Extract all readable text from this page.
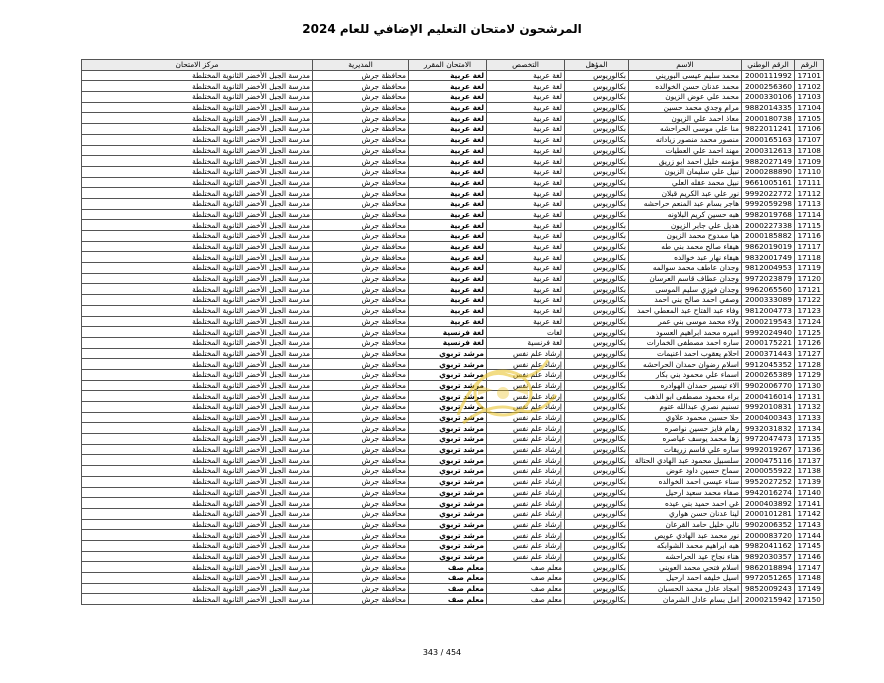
المرشحون لامتحان التعليم الإضافي للعام 2024
الرقم	الرقم الوطني	الاسم	المؤهل	التخصص	الامتحان المقرر	المديرية	مركز الامتحان
17101	2000111992	محمد سليم عيسى البوريني	بكالوريوس	لغة عربية	لغة عربية	محافظة جرش	مدرسة الجبل الأخضر الثانوية المختلطة
17102	2000256360	محمد عدنان حسن الخوالده	بكالوريوس	لغة عربية	لغة عربية	محافظة جرش	مدرسة الجبل الأخضر الثانوية المختلطة
17103	2000330106	محمد علي عوض الزيون	بكالوريوس	لغة عربية	لغة عربية	محافظة جرش	مدرسة الجبل الأخضر الثانوية المختلطة
17104	9882014335	مرام وجدي محمد حسين	بكالوريوس	لغة عربية	لغة عربية	محافظة جرش	مدرسة الجبل الأخضر الثانوية المختلطة
17105	2000180738	معاذ احمد علي الزيون	بكالوريوس	لغة عربية	لغة عربية	محافظة جرش	مدرسة الجبل الأخضر الثانوية المختلطة
17106	9822011241	منا علي موسى الحراحشه	بكالوريوس	لغة عربية	لغة عربية	محافظة جرش	مدرسة الجبل الأخضر الثانوية المختلطة
17107	2000165163	منصور محمد منصور زياداته	بكالوريوس	لغة عربية	لغة عربية	محافظة جرش	مدرسة الجبل الأخضر الثانوية المختلطة
17108	2000312613	مهند احمد علي العطيات	بكالوريوس	لغة عربية	لغة عربية	محافظة جرش	مدرسة الجبل الأخضر الثانوية المختلطة
17109	9882027149	مؤمنه خليل احمد ابو زريق	بكالوريوس	لغة عربية	لغة عربية	محافظة جرش	مدرسة الجبل الأخضر الثانوية المختلطة
17110	2000288890	نبيل علي سليمان الزيون	بكالوريوس	لغة عربية	لغة عربية	محافظة جرش	مدرسة الجبل الأخضر الثانوية المختلطة
17111	9661005161	نبيل محمد عقله العلي	بكالوريوس	لغة عربية	لغة عربية	محافظة جرش	مدرسة الجبل الأخضر الثانوية المختلطة
17112	9992022772	نور علي عبد الكريم قبلان	بكالوريوس	لغة عربية	لغة عربية	محافظة جرش	مدرسة الجبل الأخضر الثانوية المختلطة
17113	9992059298	هاجر بسام عبد المنعم حراحشه	بكالوريوس	لغة عربية	لغة عربية	محافظة جرش	مدرسة الجبل الأخضر الثانوية المختلطة
17114	9982019768	هبه حسين كريم البلاونه	بكالوريوس	لغة عربية	لغة عربية	محافظة جرش	مدرسة الجبل الأخضر الثانوية المختلطة
17115	2000227338	هديل علي جابر الزيون	بكالوريوس	لغة عربية	لغة عربية	محافظة جرش	مدرسة الجبل الأخضر الثانوية المختلطة
17116	2000185882	هيا ممدوح محمد الزيون	بكالوريوس	لغة عربية	لغة عربية	محافظة جرش	مدرسة الجبل الأخضر الثانوية المختلطة
17117	9862019019	هيفاء صالح محمد بني طه	بكالوريوس	لغة عربية	لغة عربية	محافظة جرش	مدرسة الجبل الأخضر الثانوية المختلطة
17118	9832001749	هيفاء نهار عبد خوالده	بكالوريوس	لغة عربية	لغة عربية	محافظة جرش	مدرسة الجبل الأخضر الثانوية المختلطة
17119	9812004953	وجدان عاطف محمد سوالمه	بكالوريوس	لغة عربية	لغة عربية	محافظة جرش	مدرسة الجبل الأخضر الثانوية المختلطة
17120	9972023879	وجدان عطاف قاسم العرسان	بكالوريوس	لغة عربية	لغة عربية	محافظة جرش	مدرسة الجبل الأخضر الثانوية المختلطة
17121	9962065560	وجدان فوزي سليم الموسى	بكالوريوس	لغة عربية	لغة عربية	محافظة جرش	مدرسة الجبل الأخضر الثانوية المختلطة
17122	2000333089	وصفي احمد صالح بني احمد	بكالوريوس	لغة عربية	لغة عربية	محافظة جرش	مدرسة الجبل الأخضر الثانوية المختلطة
17123	9812004773	وفاء عبد الفتاح عبد المعطي احمد	بكالوريوس	لغة عربية	لغة عربية	محافظة جرش	مدرسة الجبل الأخضر الثانوية المختلطة
17124	2000219543	ولاء محمد موسى بني عمر	بكالوريوس	لغة عربية	لغة عربية	محافظة جرش	مدرسة الجبل الأخضر الثانوية المختلطة
17125	9992024940	اميره محمد ابراهيم العسود	بكالوريوس	لغات	لغة فرنسية	محافظة جرش	مدرسة الجبل الأخضر الثانوية المختلطة
17126	2000175221	ساره احمد مصطفى الخمارات	بكالوريوس	لغة فرنسية	لغة فرنسية	محافظة جرش	مدرسة الجبل الأخضر الثانوية المختلطة
17127	2000371443	احلام يعقوب احمد اعنيمات	بكالوريوس	إرشاد علم نفس	مرشد تربوي	محافظة جرش	مدرسة الجبل الأخضر الثانوية المختلطة
17128	9912045352	اسلام رضوان حمدان الحراحشه	بكالوريوس	إرشاد علم نفس	مرشد تربوي	محافظة جرش	مدرسة الجبل الأخضر الثانوية المختلطة
17129	2000265389	اسماء علي محمود بني بكار	بكالوريوس	إرشاد علم نفس	مرشد تربوي	محافظة جرش	مدرسة الجبل الأخضر الثانوية المختلطة
17130	9902006770	الاء تيسير حمدان الهوادره	بكالوريوس	إرشاد علم نفس	مرشد تربوي	محافظة جرش	مدرسة الجبل الأخضر الثانوية المختلطة
17131	2000416014	براء محمود مصطفى ابو الذهب	بكالوريوس	إرشاد علم نفس	مرشد تربوي	محافظة جرش	مدرسة الجبل الأخضر الثانوية المختلطة
17132	9992010831	تسنيم نصري عبدالله عتوم	بكالوريوس	إرشاد علم نفس	مرشد تربوي	محافظة جرش	مدرسة الجبل الأخضر الثانوية المختلطة
17133	2000400343	حلا حسين محمود علاوي	بكالوريوس	إرشاد علم نفس	مرشد تربوي	محافظة جرش	مدرسة الجبل الأخضر الثانوية المختلطة
17134	9932031832	رهام فايز حسين نواصره	بكالوريوس	إرشاد علم نفس	مرشد تربوي	محافظة جرش	مدرسة الجبل الأخضر الثانوية المختلطة
17135	9972047473	زها محمد يوسف عياصره	بكالوريوس	إرشاد علم نفس	مرشد تربوي	محافظة جرش	مدرسة الجبل الأخضر الثانوية المختلطة
17136	9992019267	ساره علي قاسم زريقات	بكالوريوس	إرشاد علم نفس	مرشد تربوي	محافظة جرش	مدرسة الجبل الأخضر الثانوية المختلطة
17137	2000475116	سلسبيل محمود عبد الهادي الحتالة	بكالوريوس	إرشاد علم نفس	مرشد تربوي	محافظة جرش	مدرسة الجبل الأخضر الثانوية المختلطة
17138	2000055922	سماح حسين داود عوض	بكالوريوس	إرشاد علم نفس	مرشد تربوي	محافظة جرش	مدرسة الجبل الأخضر الثانوية المختلطة
17139	9952027252	سناء عيسى احمد الخوالده	بكالوريوس	إرشاد علم نفس	مرشد تربوي	محافظة جرش	مدرسة الجبل الأخضر الثانوية المختلطة
17140	9942016274	صفاء محمد سعيد ارحيل	بكالوريوس	إرشاد علم نفس	مرشد تربوي	محافظة جرش	مدرسة الجبل الأخضر الثانوية المختلطة
17141	2000403892	غي احمد حميد بني عيده	بكالوريوس	إرشاد علم نفس	مرشد تربوي	محافظة جرش	مدرسة الجبل الأخضر الثانوية المختلطة
17142	2000101281	لينا عدنان حسن هواري	بكالوريوس	إرشاد علم نفس	مرشد تربوي	محافظة جرش	مدرسة الجبل الأخضر الثانوية المختلطة
17143	9902006352	نالي خليل حامد القرعان	بكالوريوس	إرشاد علم نفس	مرشد تربوي	محافظة جرش	مدرسة الجبل الأخضر الثانوية المختلطة
17144	2000083720	نور محمد عبد الهادي عويص	بكالوريوس	إرشاد علم نفس	مرشد تربوي	محافظة جرش	مدرسة الجبل الأخضر الثانوية المختلطة
17145	9982041162	هبه ابراهيم محمد الشوابكه	بكالوريوس	إرشاد علم نفس	مرشد تربوي	محافظة جرش	مدرسة الجبل الأخضر الثانوية المختلطة
17146	9892030357	هناء نجاح عيد الحراحشه	بكالوريوس	إرشاد علم نفس	مرشد تربوي	محافظة جرش	مدرسة الجبل الأخضر الثانوية المختلطة
17147	9862018894	اسلام فتحي محمد العويني	بكالوريوس	معلم صف	معلم صف	محافظة جرش	مدرسة الجبل الأخضر الثانوية المختلطة
17148	9972051265	اسيل خليفه احمد ارحيل	بكالوريوس	معلم صف	معلم صف	محافظة جرش	مدرسة الجبل الأخضر الثانوية المختلطة
17149	9852009243	امجاد عادل محمد الحسبان	بكالوريوس	معلم صف	معلم صف	محافظة جرش	مدرسة الجبل الأخضر الثانوية المختلطة
17150	2000215942	امل بسام عادل الشرمان	بكالوريوس	معلم صف	معلم صف	محافظة جرش	مدرسة الجبل الأخضر الثانوية المختلطة
343 / 454
